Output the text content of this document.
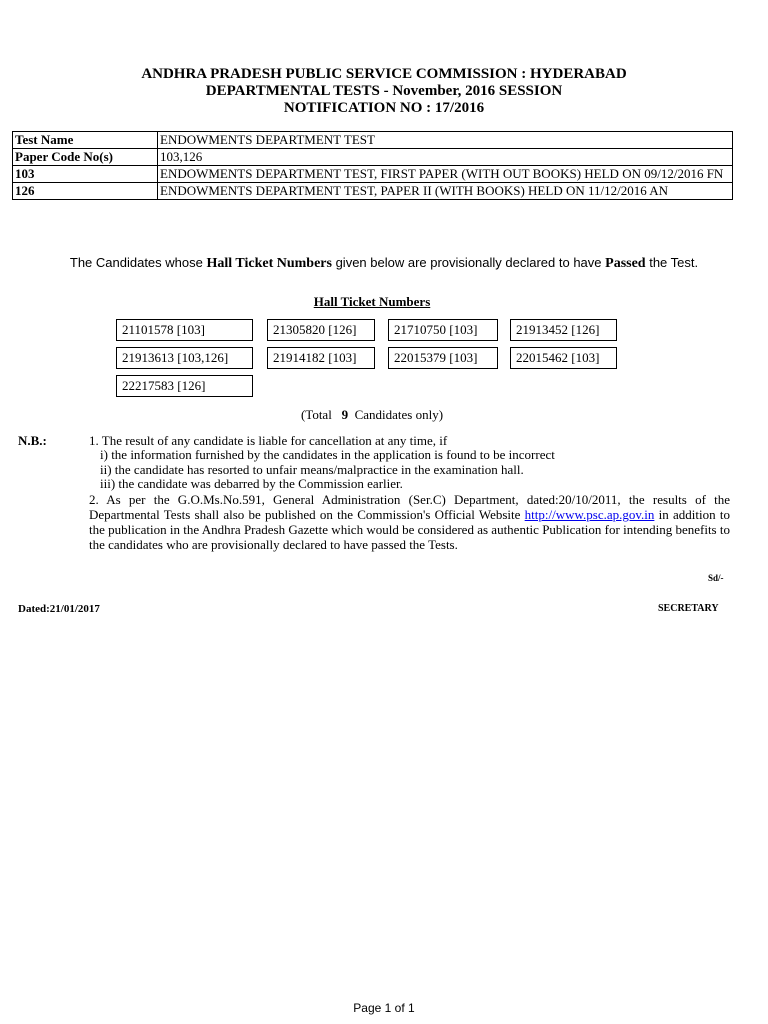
ANDHRA PRADESH PUBLIC SERVICE COMMISSION : HYDERABAD
DEPARTMENTAL TESTS - November, 2016 SESSION
NOTIFICATION NO : 17/2016
Test Name	ENDOWMENTS DEPARTMENT TEST
Paper Code No(s)	103,126
103	ENDOWMENTS DEPARTMENT TEST, FIRST PAPER (WITH OUT BOOKS) HELD ON 09/12/2016 FN
126	ENDOWMENTS DEPARTMENT TEST, PAPER II (WITH BOOKS) HELD ON 11/12/2016 AN
The Candidates whose Hall Ticket Numbers given below are provisionally declared to have Passed the Test.
Hall Ticket Numbers
21101578 [103]	21305820 [126]	21710750 [103]	21913452 [126]
21913613 [103,126]	21914182 [103]	22015379 [103]	22015462 [103]
22217583 [126]
(Total 9 Candidates only)
N.B.:	1. The result of any candidate is liable for cancellation at any time, if
i) the information furnished by the candidates in the application is found to be incorrect
ii) the candidate has resorted to unfair means/malpractice in the examination hall.
iii) the candidate was debarred by the Commission earlier.
2. As per the G.O.Ms.No.591, General Administration (Ser.C) Department, dated:20/10/2011, the results of the Departmental Tests shall also be published on the Commission's Official Website http://www.psc.ap.gov.in in addition to the publication in the Andhra Pradesh Gazette which would be considered as authentic Publication for intending benefits to the candidates who are provisionally declared to have passed the Tests.
Sd/-
Dated:21/01/2017	SECRETARY
Page 1 of 1
